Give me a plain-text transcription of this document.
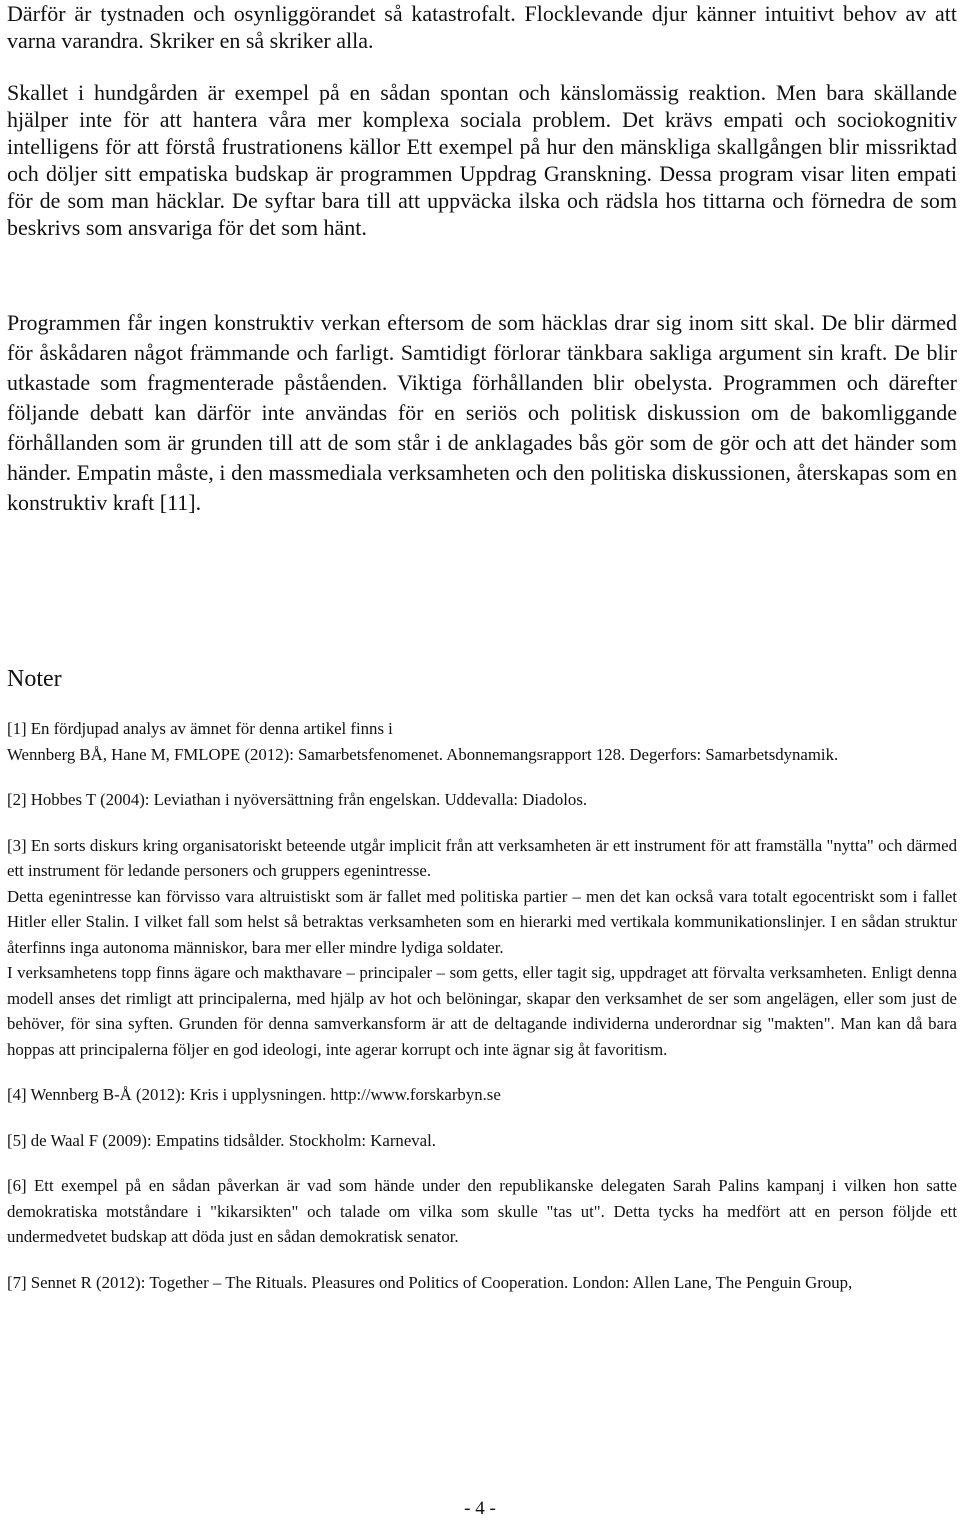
Därför är tystnaden och osynliggörandet så katastrofalt. Flocklevande djur känner intuitivt behov av att varna varandra. Skriker en så skriker alla.

Skallet i hundgården är exempel på en sådan spontan och känslomässig reaktion. Men bara skällande hjälper inte för att hantera våra mer komplexa sociala problem. Det krävs empati och sociokognitiv intelligens för att förstå frustrationens källor Ett exempel på hur den mänskliga skallgången blir missriktad och döljer sitt empatiska budskap är programmen Uppdrag Granskning. Dessa program visar liten empati för de som man häcklar. De syftar bara till att uppväcka ilska och rädsla hos tittarna och förnedra de som beskrivs som ansvariga för det som hänt.

Programmen får ingen konstruktiv verkan eftersom de som häcklas drar sig inom sitt skal. De blir därmed för åskådaren något främmande och farligt. Samtidigt förlorar tänkbara sakliga argument sin kraft. De blir utkastade som fragmenterade påståenden. Viktiga förhållanden blir obelysta. Programmen och därefter följande debatt kan därför inte användas för en seriös och politisk diskussion om de bakomliggande förhållanden som är grunden till att de som står i de anklagades bås gör som de gör och att det händer som händer. Empatin måste, i den massmediala verksamheten och den politiska diskussionen, återskapas som en konstruktiv kraft [11].

Noter
[1] En fördjupad analys av ämnet för denna artikel finns i
Wennberg BÅ, Hane M, FMLOPE (2012): Samarbetsfenomenet. Abonnemangsrapport 128. Degerfors: Samarbetsdynamik.
[2] Hobbes T (2004): Leviathan i nyöversättning från engelskan. Uddevalla: Diadolos.
[3] En sorts diskurs kring organisatoriskt beteende utgår implicit från att verksamheten är ett instrument för att framställa "nytta" och därmed ett instrument för ledande personers och gruppers egenintresse.
Detta egenintresse kan förvisso vara altruistiskt som är fallet med politiska partier – men det kan också vara totalt egocentriskt som i fallet Hitler eller Stalin. I vilket fall som helst så betraktas verksamheten som en hierarki med vertikala kommunikationslinjer. I en sådan struktur återfinns inga autonoma människor, bara mer eller mindre lydiga soldater.
I verksamhetens topp finns ägare och makthavare – principaler – som getts, eller tagit sig, uppdraget att förvalta verksamheten. Enligt denna modell anses det rimligt att principalerna, med hjälp av hot och belöningar, skapar den verksamhet de ser som angelägen, eller som just de behöver, för sina syften. Grunden för denna samverkansform är att de deltagande individerna underordnar sig "makten". Man kan då bara hoppas att principalerna följer en god ideologi, inte agerar korrupt och inte ägnar sig åt favoritism.
[4] Wennberg B-Å (2012): Kris i upplysningen. http://www.forskarbyn.se
[5] de Waal F (2009): Empatins tidsålder. Stockholm: Karneval.
[6] Ett exempel på en sådan påverkan är vad som hände under den republikanske delegaten Sarah Palins kampanj i vilken hon satte demokratiska motståndare i "kikarsikten" och talade om vilka som skulle "tas ut". Detta tycks ha medfört att en person följde ett undermedvetet budskap att döda just en sådan demokratisk senator.
[7] Sennet R (2012): Together – The Rituals. Pleasures ond Politics of Cooperation. London: Allen Lane, The Penguin Group,

- 4 -
